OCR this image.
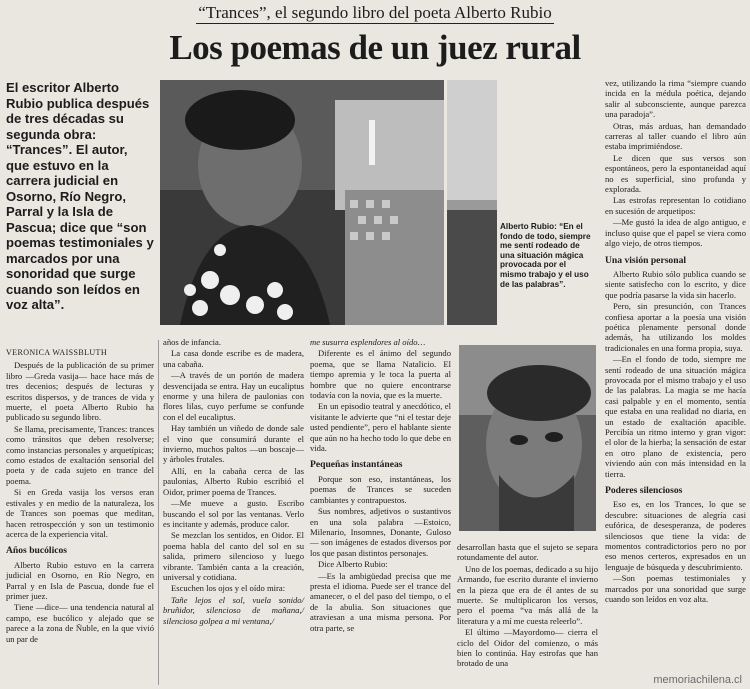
“Trances”, el segundo libro del poeta Alberto Rubio
Los poemas de un juez rural
El escritor Alberto Rubio publica después de tres décadas su segunda obra: “Trances”. El autor, que estuvo en la carrera judicial en Osorno, Río Negro, Parral y la Isla de Pascua; dice que “son poemas testimoniales y marcados por una sonoridad que surge cuando son leídos en voz alta”.
Alberto Rubio: “En el fondo de todo, siempre me sentí rodeado de una situación mágica provocada por el mismo trabajo y el uso de las palabras”.

VERONICA WAISSBLUTH

Después de la publicación de su primer libro —Greda vasija— hace hace más de tres decenios; después de lecturas y escritos dispersos, y de trances de vida y muerte, el poeta Alberto Rubio ha publicado su segundo libro.

Se llama, precisamente, Trances: trances como tránsitos que deben resolverse; como instancias personales y arquetípicas; como estados de exaltación sensorial del poeta y de cada sujeto en trance del poema.

Si en Greda vasija los versos eran estivales y en medio de la naturaleza, los de Trances son poemas que meditan, hacen retrospección y son un testimonio acerca de la experiencia vital.

Años bucólicos

Alberto Rubio estuvo en la carrera judicial en Osorno, en Río Negro, en Parral y en Isla de Pascua, donde fue el primer juez.

Tiene —dice— una tendencia natural al campo, ese bucólico y alejado que se parece a la zona de Ñuble, en la que vivió un par de

años de infancia.

La casa donde escribe es de madera, una cabaña.

—A través de un portón de madera desvencijada se entra. Hay un eucaliptus enorme y una hilera de paulonias con flores lilas, cuyo perfume se confunde con el del eucaliptus.

Hay también un viñedo de donde sale el vino que consumirá durante el invierno, muchos paltos —un boscaje— y árboles frutales.

Allí, en la cabaña cerca de las paulonias, Alberto Rubio escribió el Oidor, primer poema de Trances.

—Me mueve a gusto. Escribo buscando el sol por las ventanas. Verlo es incitante y además, produce calor.

Se mezclan los sentidos, en Oidor. El poema habla del canto del sol en su salida, primero silencioso y luego vibrante. También canta a la creación, universal y cotidiana.

Escuchen los ojos y el oído mira:

Tañe lejos el sol, vuela sonido/ bruñidor, silencioso de mañana,/ silencioso golpea a mi ventana,/

me susurra esplendores al oído…

Diferente es el ánimo del segundo poema, que se llama Natalicio. El tiempo apremia y le toca la puerta al hombre que no quiere encontrarse todavía con la novia, que es la muerte.

En un episodio teatral y anecdótico, el visitante le advierte que “ni el testar deje usted pendiente”, pero el hablante siente que aún no ha hecho todo lo que debe en vida.

Pequeñas instantáneas

Porque son eso, instantáneas, los poemas de Trances se suceden cambiantes y contrapuestos.

Sus nombres, adjetivos o sustantivos en una sola palabra —Estoico, Milenario, Insomnes, Donante, Guloso— son imágenes de estados diversos por los que pasan distintos personajes.

Dice Alberto Rubio:

—Es la ambigüedad precisa que me presta el idioma. Puede ser el trance del amanecer, o el del paso del tiempo, o el de la abulia. Son situaciones que atraviesan a una misma persona. Por otra parte, se

desarrollan hasta que el sujeto se separa rotundamente del autor.

Uno de los poemas, dedicado a su hijo Armando, fue escrito durante el invierno en la pieza que era de él antes de su muerte. Se multiplicaron los versos, pero el poema “va más allá de la literatura y a mí me cuesta releerlo”.

El último —Mayordomo— cierra el ciclo del Oidor del comienzo, o más bien lo continúa. Hay estrofas que han brotado de una

vez, utilizando la rima “siempre cuando incida en la médula poética, dejando salir al subconsciente, aunque parezca una paradoja”.

Otras, más arduas, han demandado carreras al taller cuando el libro aún estaba imprimiéndose.

Le dicen que sus versos son espontáneos, pero la espontaneidad aquí no es superficial, sino profunda y explorada.

Las estrofas representan lo cotidiano en sucesión de arquetipos:

—Me gustó la idea de algo antiguo, e incluso quise que el papel se viera como algo viejo, de otros tiempos.

Una visión personal

Alberto Rubio sólo publica cuando se siente satisfecho con lo escrito, y dice que podría pasarse la vida sin hacerlo.

Pero, sin presunción, con Trances confiesa aportar a la poesía una visión poética plenamente personal donde además, ha utilizando los moldes tradicionales en una forma propia, suya.

—En el fondo de todo, siempre me sentí rodeado de una situación mágica provocada por el mismo trabajo y el uso de las palabras. La magia se me hacía casi palpable y en el momento, sentía que estaba en una realidad no diaria, en un estado de exaltación apacible. Percibía un ritmo interno y gran vigor: el olor de la hierba; la sensación de estar en otro plano de existencia, pero viviendo aún con más intensidad en la tierra.

Poderes silenciosos

Eso es, en los Trances, lo que se descubre: situaciones de alegría casi eufórica, de desesperanza, de poderes silenciosos que tiene la vida: de momentos contradictorios pero no por eso menos certeros, expresados en un lenguaje de búsqueda y descubrimiento.

—Son poemas testimoniales y marcados por una sonoridad que surge cuando son leídos en voz alta.

memoriachilena.cl
